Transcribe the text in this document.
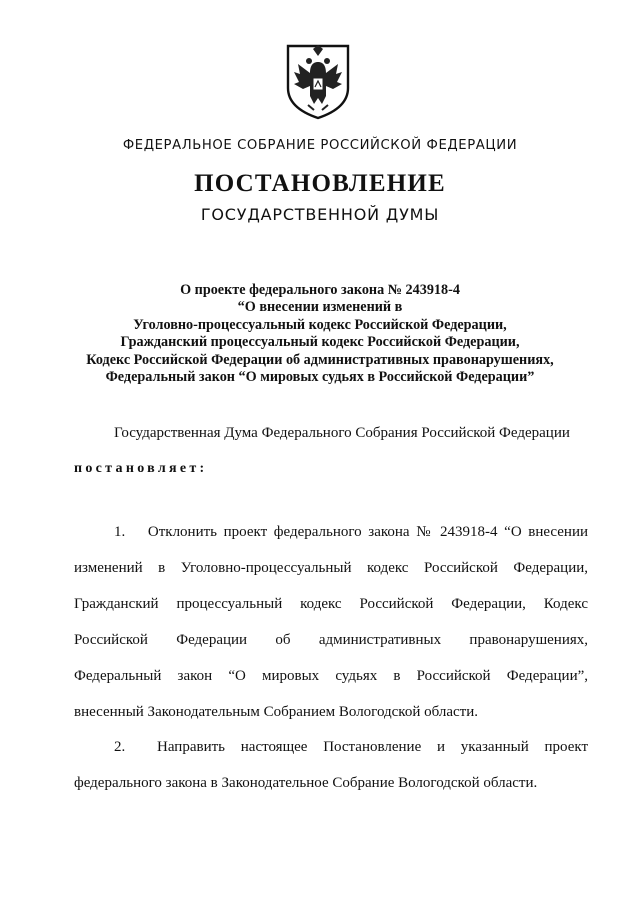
ФЕДЕРАЛЬНОЕ СОБРАНИЕ РОССИЙСКОЙ ФЕДЕРАЦИИ
ПОСТАНОВЛЕНИЕ
ГОСУДАРСТВЕННОЙ ДУМЫ
О проекте федерального закона № 243918-4
“О внесении изменений в
Уголовно-процессуальный кодекс Российской Федерации,
Гражданский процессуальный кодекс Российской Федерации,
Кодекс Российской Федерации об административных правонарушениях,
Федеральный закон “О мировых судьях в Российской Федерации”
Государственная Дума Федерального Собрания Российской Федерации
постановляет:
1. Отклонить проект федерального закона № 243918-4 “О внесении
изменений в Уголовно-процессуальный кодекс Российской Федерации,
Гражданский процессуальный кодекс Российской Федерации, Кодекс
Российской Федерации об административных правонарушениях,
Федеральный закон “О мировых судьях в Российской Федерации”,
внесенный Законодательным Собранием Вологодской области.
2. Направить настоящее Постановление и указанный проект
федерального закона в Законодательное Собрание Вологодской области.
